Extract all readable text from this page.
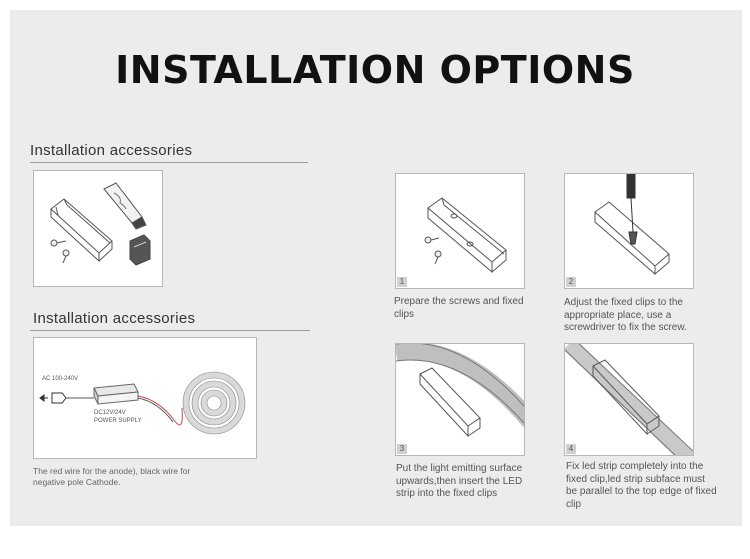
INSTALLATION OPTIONS
Installation accessories
Installation accessories
AC 100-240V
DC12V/24V
POWER SUPPLY
The red wire for the anode), black wire for
negative pole Cathode.
1
Prepare the screws and fixed
clips
2
Adjust the fixed clips to the
appropriate place, use a
screwdriver to fix the screw.
3
Put the light emitting surface
upwards,then insert the LED
strip into the fixed clips
4
Fix led strip completely into the
fixed clip,led strip subface must
be parallel to the top edge of fixed
clip
